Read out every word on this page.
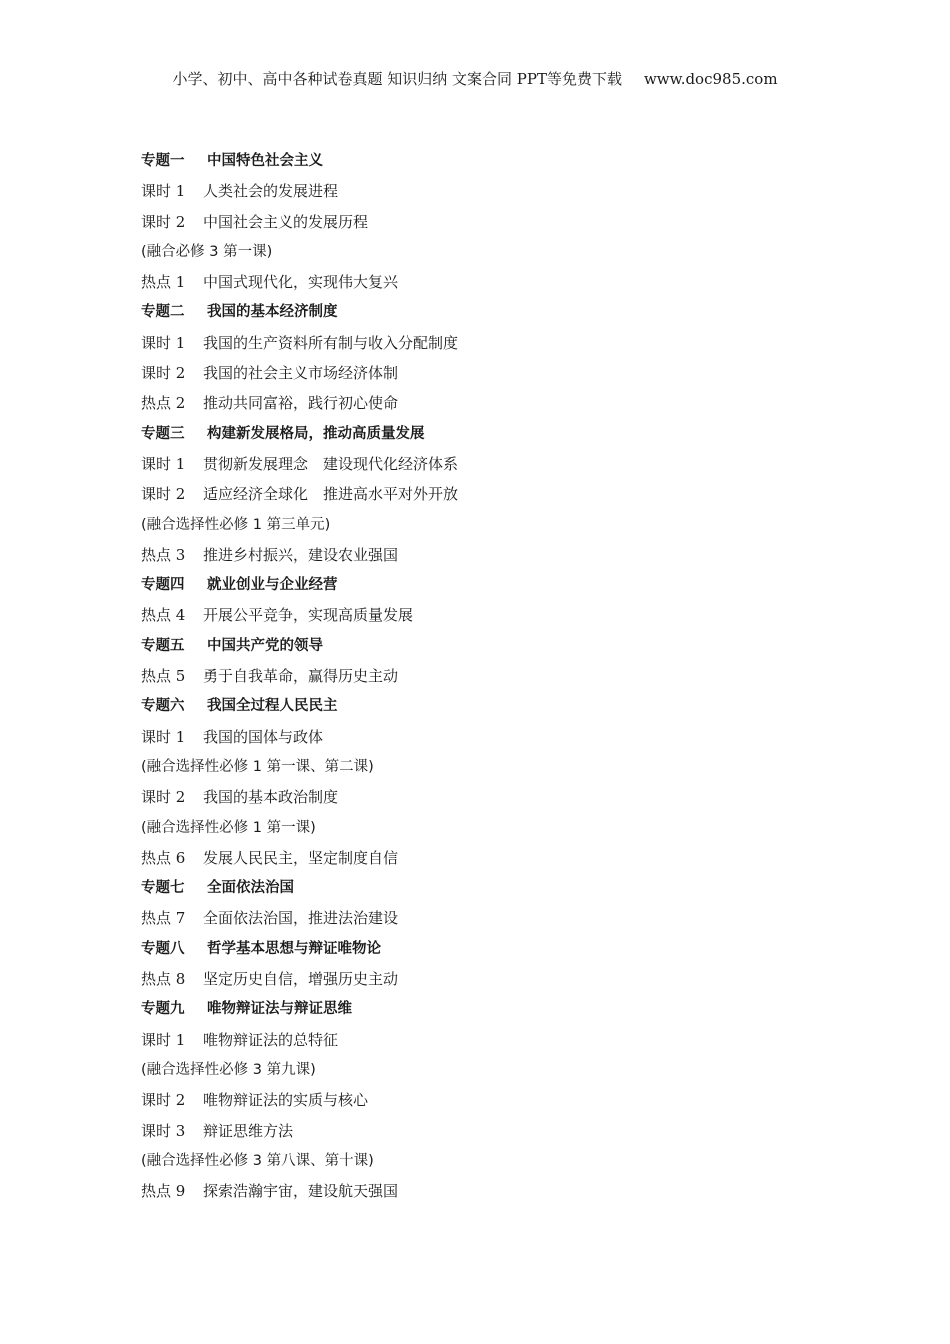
小学、初中、高中各种试卷真题 知识归纳 文案合同 PPT等免费下载 www.doc985.com
专题一 中国特色社会主义
课时 1 人类社会的发展进程
课时 2 中国社会主义的发展历程
(融合必修 3 第一课)
热点 1 中国式现代化，实现伟大复兴
专题二 我国的基本经济制度
课时 1 我国的生产资料所有制与收入分配制度
课时 2 我国的社会主义市场经济体制
热点 2 推动共同富裕，践行初心使命
专题三 构建新发展格局，推动高质量发展
课时 1 贯彻新发展理念　建设现代化经济体系
课时 2 适应经济全球化　推进高水平对外开放
(融合选择性必修 1 第三单元)
热点 3 推进乡村振兴，建设农业强国
专题四 就业创业与企业经营
热点 4 开展公平竞争，实现高质量发展
专题五 中国共产党的领导
热点 5 勇于自我革命，赢得历史主动
专题六 我国全过程人民民主
课时 1 我国的国体与政体
(融合选择性必修 1 第一课、第二课)
课时 2 我国的基本政治制度
(融合选择性必修 1 第一课)
热点 6 发展人民民主，坚定制度自信
专题七 全面依法治国
热点 7 全面依法治国，推进法治建设
专题八 哲学基本思想与辩证唯物论
热点 8 坚定历史自信，增强历史主动
专题九 唯物辩证法与辩证思维
课时 1 唯物辩证法的总特征
(融合选择性必修 3 第九课)
课时 2 唯物辩证法的实质与核心
课时 3 辩证思维方法
(融合选择性必修 3 第八课、第十课)
热点 9 探索浩瀚宇宙，建设航天强国
